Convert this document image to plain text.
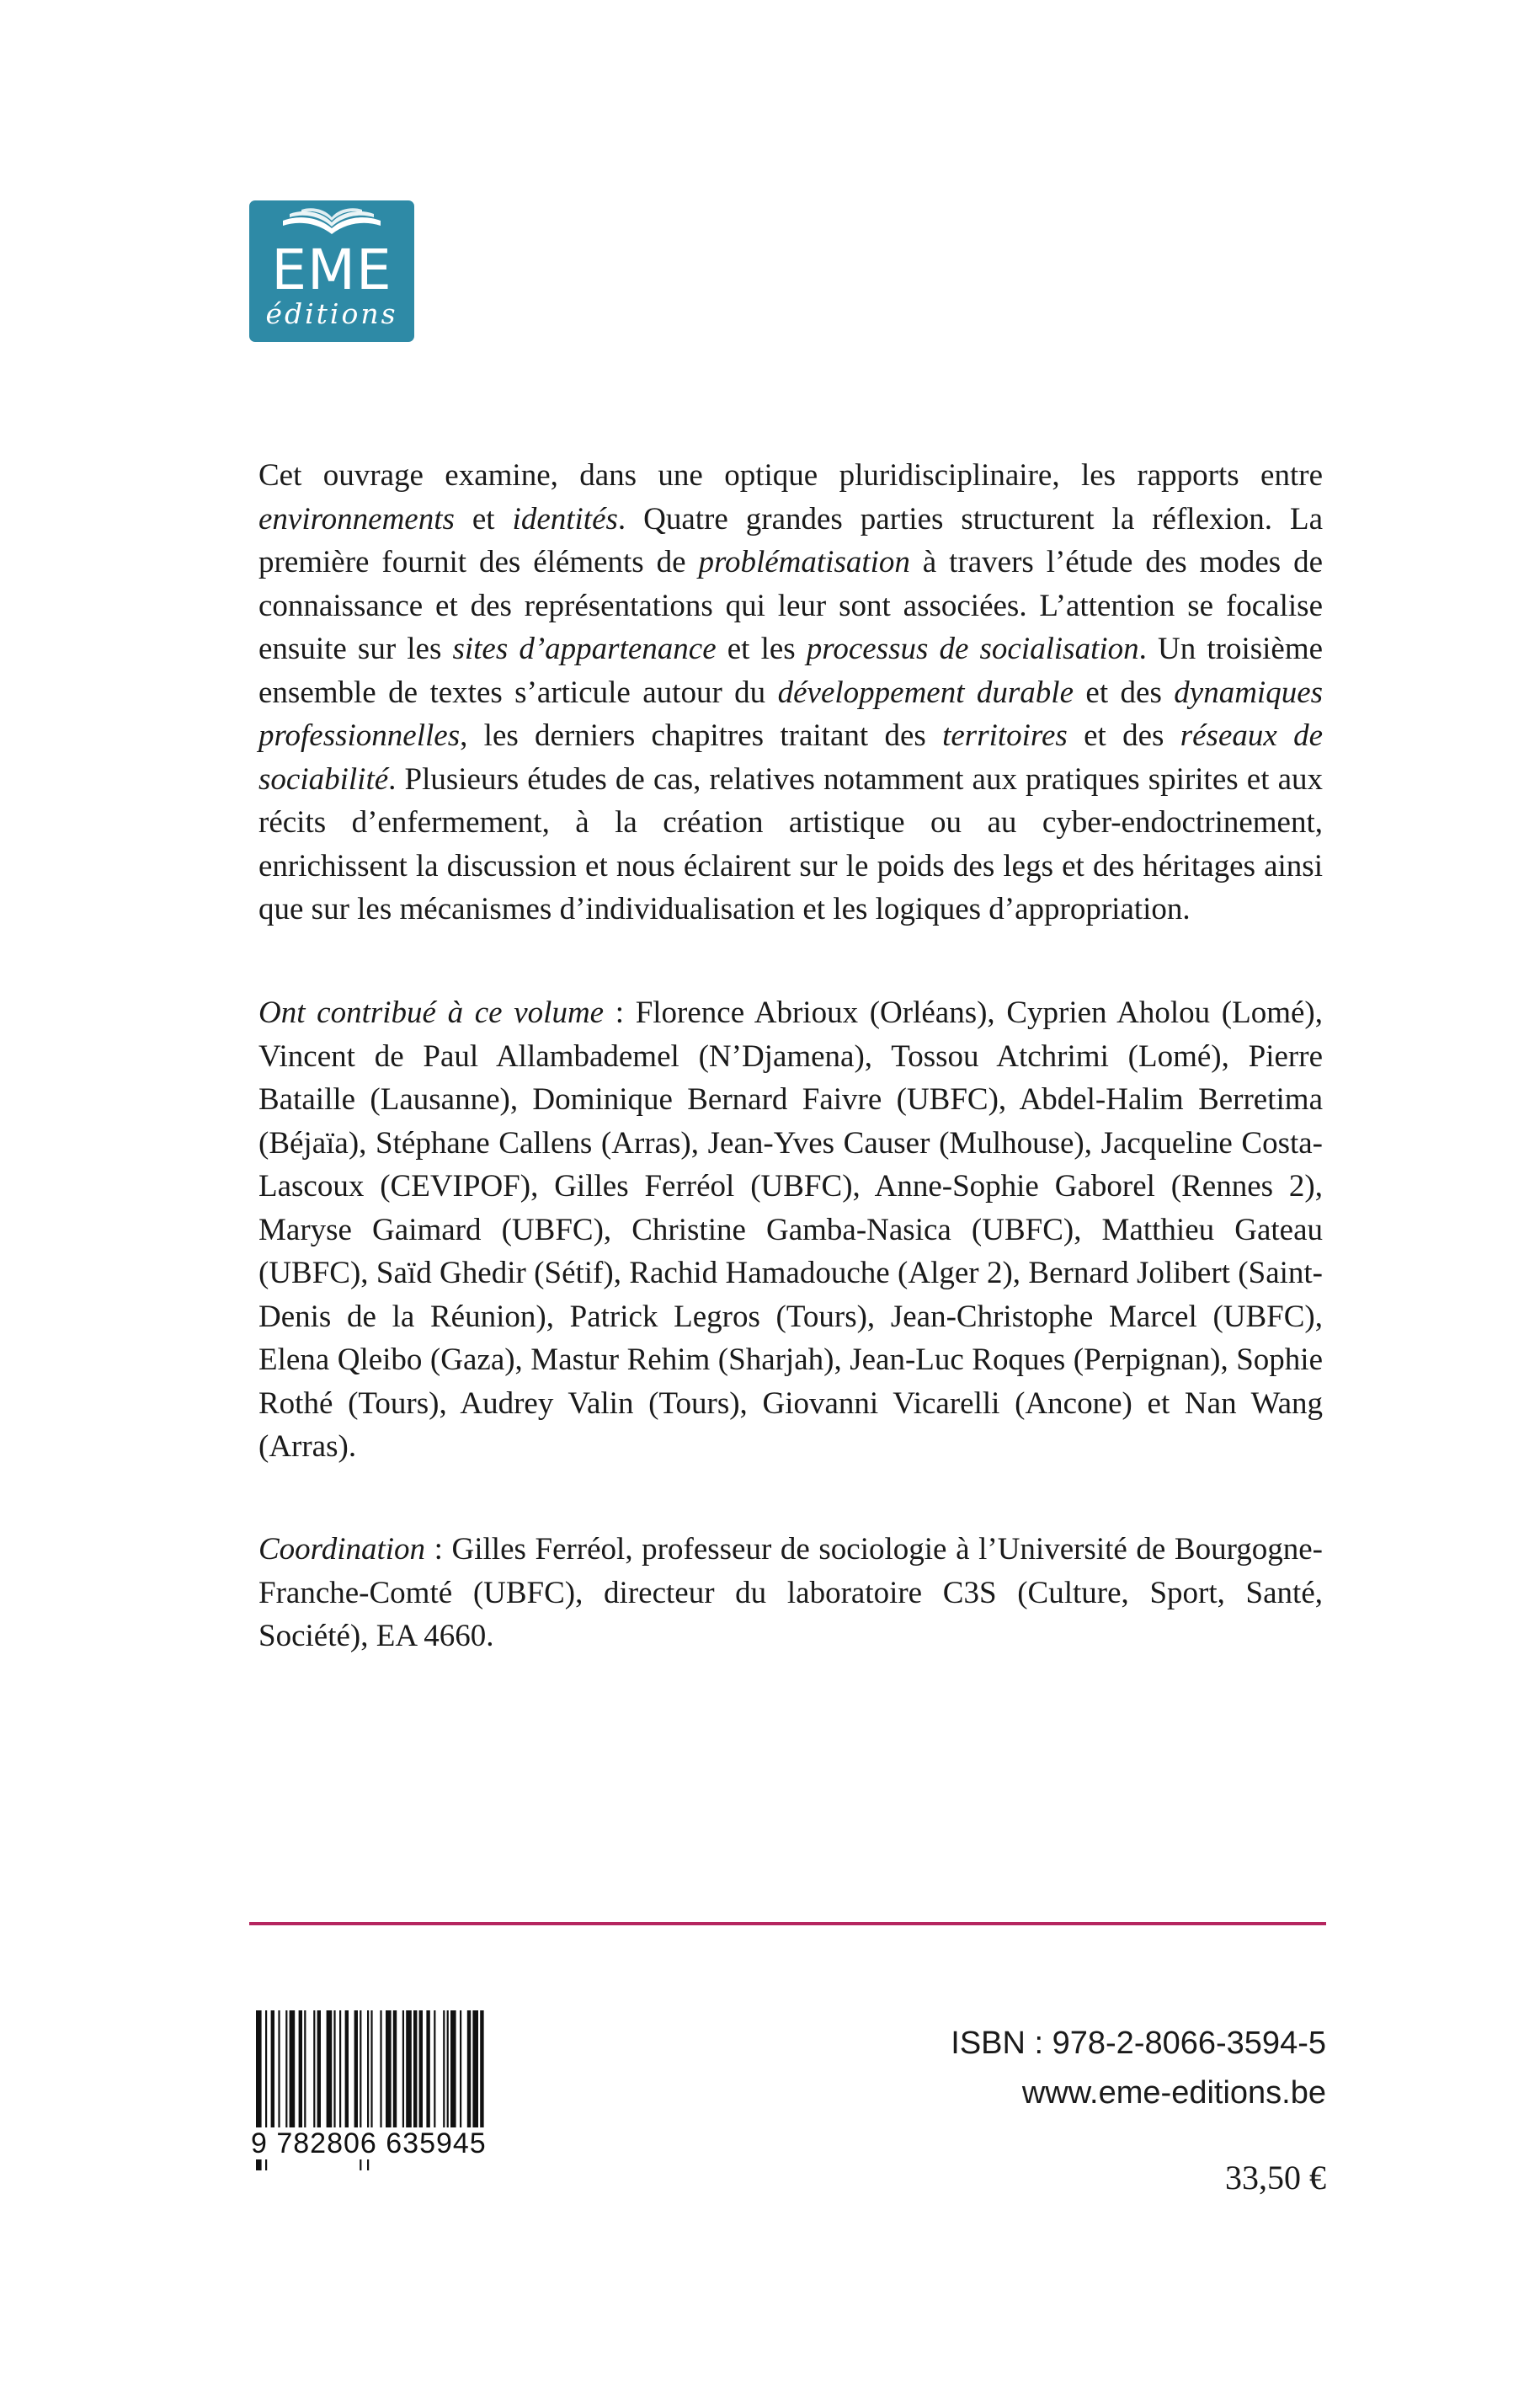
EME
éditions

Cet ouvrage examine, dans une optique pluridisciplinaire, les rapports entre environnements et identités. Quatre grandes parties structurent la réflexion. La première fournit des éléments de problématisation à travers l’étude des modes de connaissance et des représentations qui leur sont associées. L’attention se focalise ensuite sur les sites d’appartenance et les processus de socialisation. Un troisième ensemble de textes s’articule autour du développement durable et des dynamiques professionnelles, les derniers chapitres traitant des territoires et des réseaux de sociabilité. Plusieurs études de cas, relatives notamment aux pratiques spirites et aux récits d’enfermement, à la création artistique ou au cyber-endoctrinement, enrichissent la discussion et nous éclairent sur le poids des legs et des héritages ainsi que sur les mécanismes d’individualisation et les logiques d’appropriation.

Ont contribué à ce volume : Florence Abrioux (Orléans), Cyprien Aholou (Lomé), Vincent de Paul Allambademel (N’Djamena), Tossou Atchrimi (Lomé), Pierre Bataille (Lausanne), Dominique Bernard Faivre (UBFC), Abdel-Halim Berretima (Béjaïa), Stéphane Callens (Arras), Jean-Yves Causer (Mulhouse), Jacqueline Costa-Lascoux (CEVIPOF), Gilles Ferréol (UBFC), Anne-Sophie Gaborel (Rennes 2), Maryse Gaimard (UBFC), Christine Gamba-Nasica (UBFC), Matthieu Gateau (UBFC), Saïd Ghedir (Sétif), Rachid Hamadouche (Alger 2), Bernard Jolibert (Saint-Denis de la Réunion), Patrick Legros (Tours), Jean-Christophe Marcel (UBFC), Elena Qleibo (Gaza), Mastur Rehim (Sharjah), Jean-Luc Roques (Perpignan), Sophie Rothé (Tours), Audrey Valin (Tours), Giovanni Vicarelli (Ancone) et Nan Wang (Arras).

Coordination : Gilles Ferréol, professeur de sociologie à l’Université de Bourgogne-Franche-Comté (UBFC), directeur du laboratoire C3S (Culture, Sport, Santé, Société), EA 4660.

9 782806 635945
ISBN : 978-2-8066-3594-5
www.eme-editions.be
33,50 €
